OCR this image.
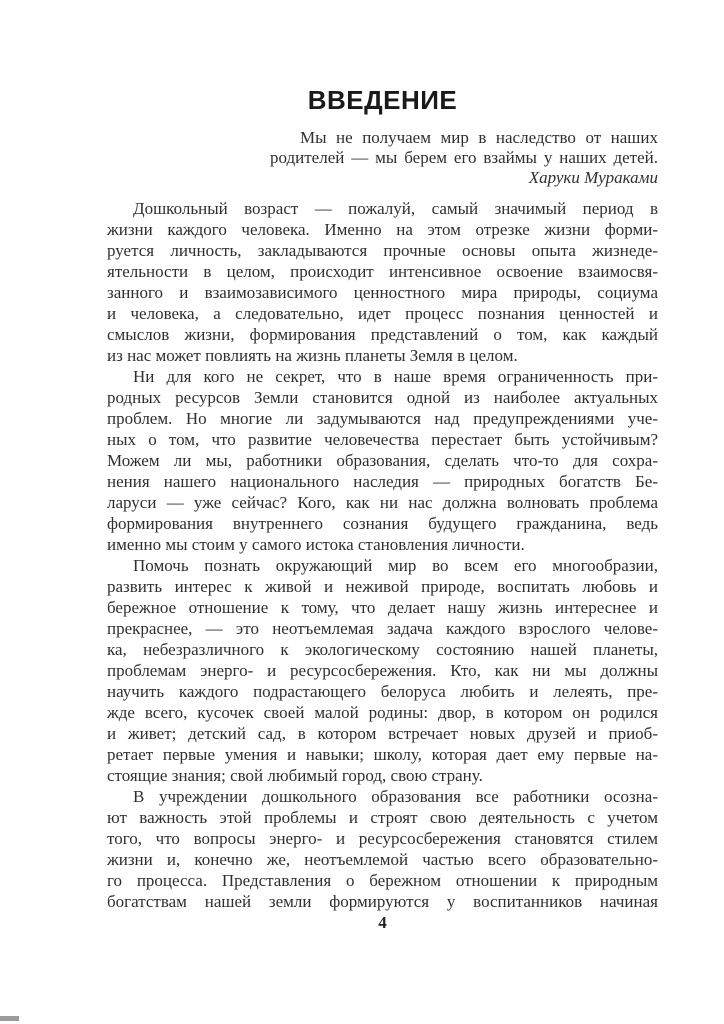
ВВЕДЕНИЕ
Мы не получаем мир в наследство от наших
родителей — мы берем его взаймы у наших детей.
Харуки Мураками
Дошкольный возраст — пожалуй, самый значимый период в
жизни каждого человека. Именно на этом отрезке жизни форми-
руется личность, закладываются прочные основы опыта жизнеде-
ятельности в целом, происходит интенсивное освоение взаимосвя-
занного и взаимозависимого ценностного мира природы, социума
и человека, а следовательно, идет процесс познания ценностей и
смыслов жизни, формирования представлений о том, как каждый
из нас может повлиять на жизнь планеты Земля в целом.
Ни для кого не секрет, что в наше время ограниченность при-
родных ресурсов Земли становится одной из наиболее актуальных
проблем. Но многие ли задумываются над предупреждениями уче-
ных о том, что развитие человечества перестает быть устойчивым?
Можем ли мы, работники образования, сделать что-то для сохра-
нения нашего национального наследия — природных богатств Бе-
ларуси — уже сейчас? Кого, как ни нас должна волновать проблема
формирования внутреннего сознания будущего гражданина, ведь
именно мы стоим у самого истока становления личности.
Помочь познать окружающий мир во всем его многообразии,
развить интерес к живой и неживой природе, воспитать любовь и
бережное отношение к тому, что делает нашу жизнь интереснее и
прекраснее, — это неотъемлемая задача каждого взрослого челове-
ка, небезразличного к экологическому состоянию нашей планеты,
проблемам энерго- и ресурсосбережения. Кто, как ни мы должны
научить каждого подрастающего белоруса любить и лелеять, пре-
жде всего, кусочек своей малой родины: двор, в котором он родился
и живет; детский сад, в котором встречает новых друзей и приоб-
ретает первые умения и навыки; школу, которая дает ему первые на-
стоящие знания; свой любимый город, свою страну.
В учреждении дошкольного образования все работники осозна-
ют важность этой проблемы и строят свою деятельность с учетом
того, что вопросы энерго- и ресурсосбережения становятся стилем
жизни и, конечно же, неотъемлемой частью всего образовательно-
го процесса. Представления о бережном отношении к природным
богатствам нашей земли формируются у воспитанников начиная
4
